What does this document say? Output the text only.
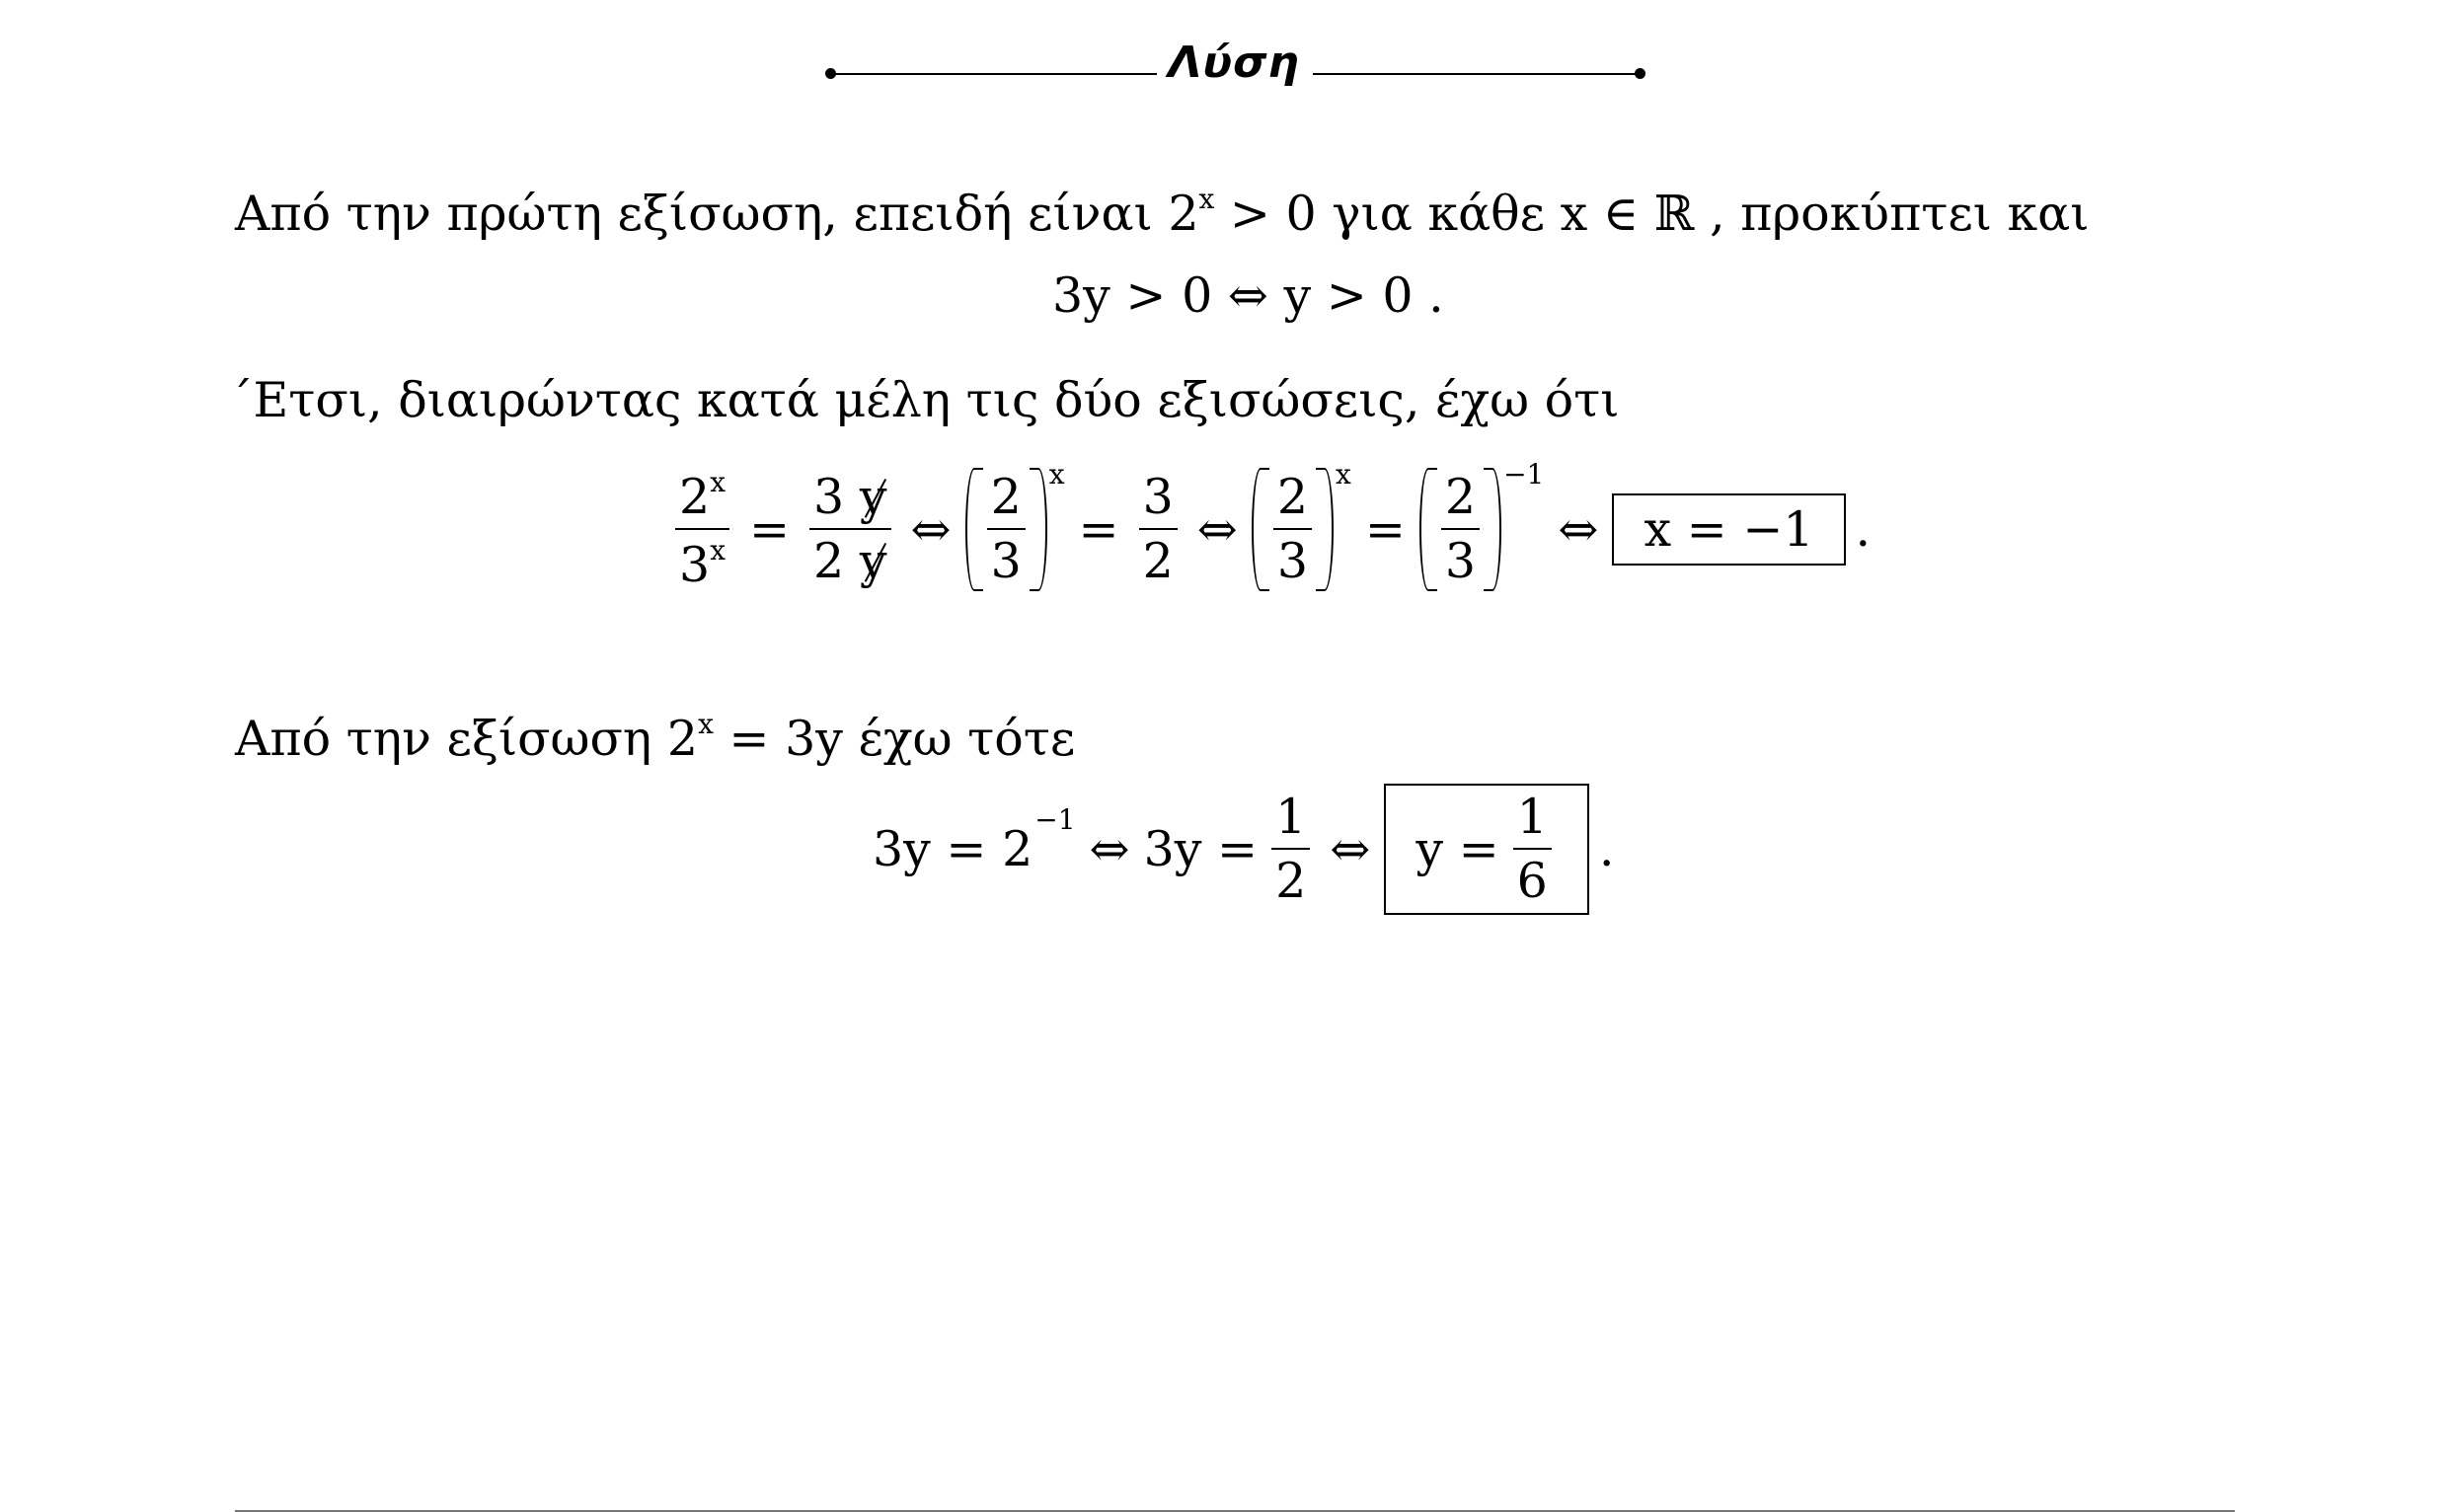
Λύση
Από την πρώτη εξίσωση, επειδή είναι $2^x > 0$ για κάθε x ∈ ℝ , προκύπτει και
3y > 0 ⇔ y > 0 .
΄Ετσι, διαιρώντας κατά μέλη τις δύο εξισώσεις, έχω ότι
$\frac{2^x}{3^x} = \frac{3 y}{2 y}$ ⇔ $\frac{2}{3}$ x
= $\frac{3}{2}$ ⇔ $\frac{2}{3}$ x
= $\frac{2}{3} -1$
⇔ x = −1 .
Από την εξίσωση $2^x = 3y$ έχω τότε
3y = 2
−1
⇔ $3y = \frac{1}{2}$ ⇔ $y = \frac{1}{6}$ .
